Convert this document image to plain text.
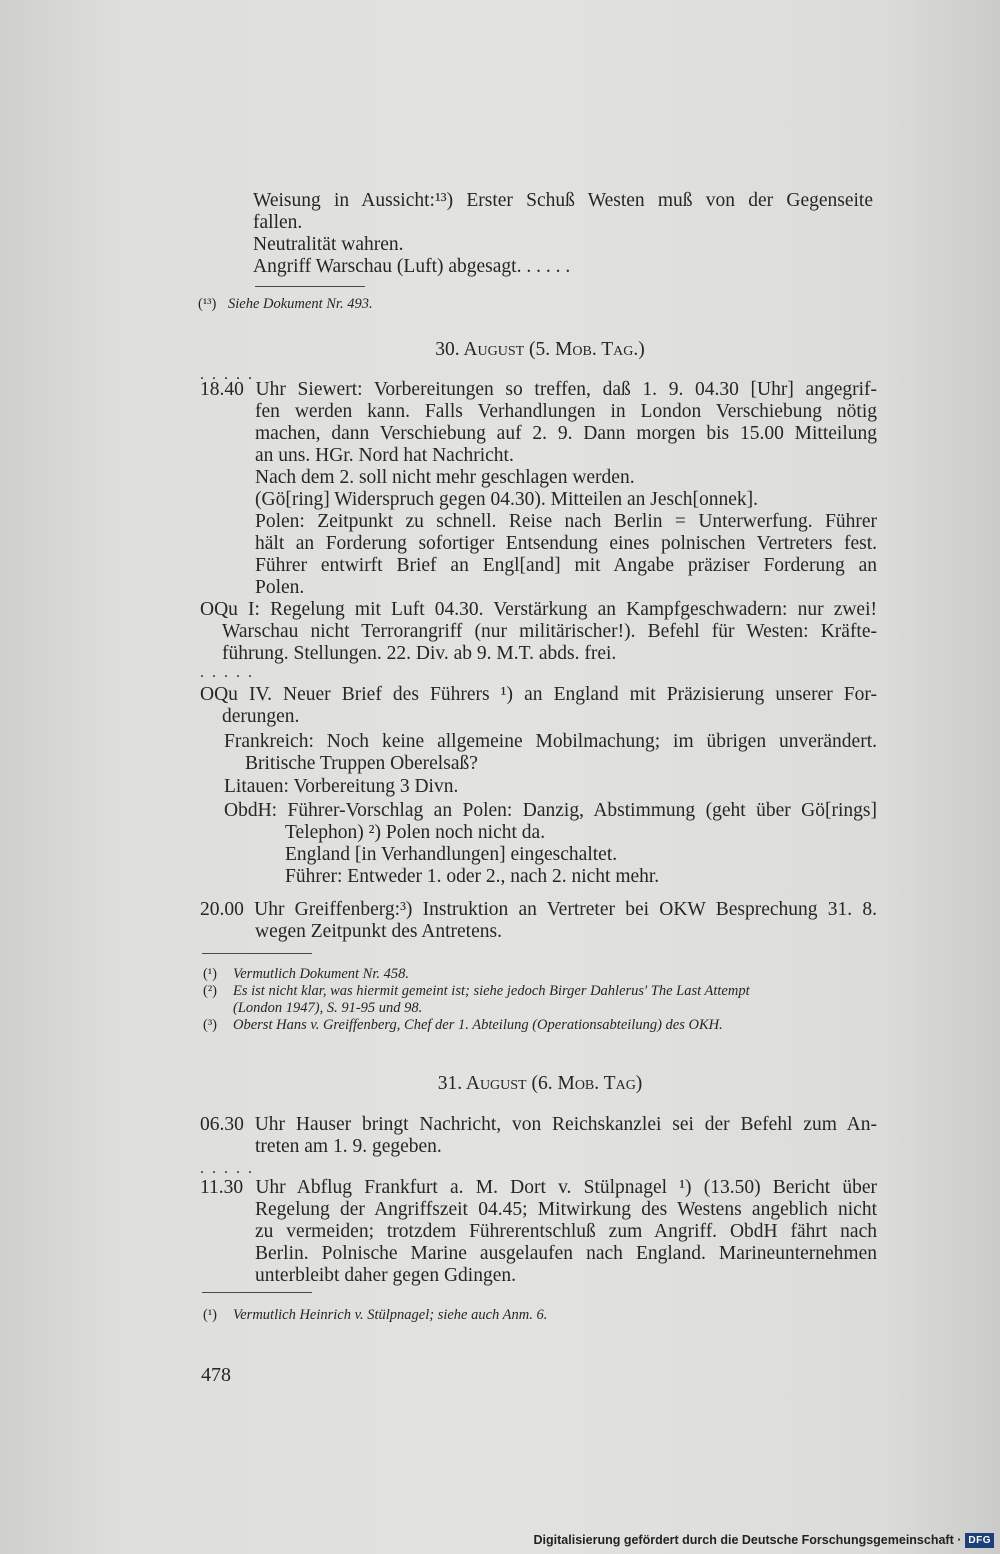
Weisung in Aussicht:¹³) Erster Schuß Westen muß von der Gegenseite
fallen.
Neutralität wahren.
Angriff Warschau (Luft) abgesagt. . . . . .
(¹³) Siehe Dokument Nr. 493.
30. August (5. Mob. Tag.)
. . . . .
18.40 Uhr Siewert: Vorbereitungen so treffen, daß 1. 9. 04.30 [Uhr] angegrif-
fen werden kann. Falls Verhandlungen in London Verschiebung nötig
machen, dann Verschiebung auf 2. 9. Dann morgen bis 15.00 Mitteilung
an uns. HGr. Nord hat Nachricht.
Nach dem 2. soll nicht mehr geschlagen werden.
(Gö[ring] Widerspruch gegen 04.30). Mitteilen an Jesch[onnek].
Polen: Zeitpunkt zu schnell. Reise nach Berlin = Unterwerfung. Führer
hält an Forderung sofortiger Entsendung eines polnischen Vertreters fest.
Führer entwirft Brief an Engl[and] mit Angabe präziser Forderung an
Polen.
OQu I: Regelung mit Luft 04.30. Verstärkung an Kampfgeschwadern: nur zwei!
Warschau nicht Terrorangriff (nur militärischer!). Befehl für Westen: Kräfte-
führung. Stellungen. 22. Div. ab 9. M.T. abds. frei.
. . . . .
OQu IV. Neuer Brief des Führers ¹) an England mit Präzisierung unserer For-
derungen.
Frankreich: Noch keine allgemeine Mobilmachung; im übrigen unverändert.
Britische Truppen Oberelsaß?
Litauen: Vorbereitung 3 Divn.
ObdH: Führer-Vorschlag an Polen: Danzig, Abstimmung (geht über Gö[rings]
Telephon) ²) Polen noch nicht da.
England [in Verhandlungen] eingeschaltet.
Führer: Entweder 1. oder 2., nach 2. nicht mehr.
20.00 Uhr Greiffenberg:³) Instruktion an Vertreter bei OKW Besprechung 31. 8.
wegen Zeitpunkt des Antretens.
(¹) Vermutlich Dokument Nr. 458.
(²) Es ist nicht klar, was hiermit gemeint ist; siehe jedoch Birger Dahlerus' The Last Attempt
(London 1947), S. 91-95 und 98.
(³) Oberst Hans v. Greiffenberg, Chef der 1. Abteilung (Operationsabteilung) des OKH.
31. August (6. Mob. Tag)
06.30 Uhr Hauser bringt Nachricht, von Reichskanzlei sei der Befehl zum An-
treten am 1. 9. gegeben.
. . . . .
11.30 Uhr Abflug Frankfurt a. M. Dort v. Stülpnagel ¹) (13.50) Bericht über
Regelung der Angriffszeit 04.45; Mitwirkung des Westens angeblich nicht
zu vermeiden; trotzdem Führerentschluß zum Angriff. ObdH fährt nach
Berlin. Polnische Marine ausgelaufen nach England. Marineunternehmen
unterbleibt daher gegen Gdingen.
(¹) Vermutlich Heinrich v. Stülpnagel; siehe auch Anm. 6.
478
Digitalisierung gefördert durch die Deutsche Forschungsgemeinschaft · DFG
